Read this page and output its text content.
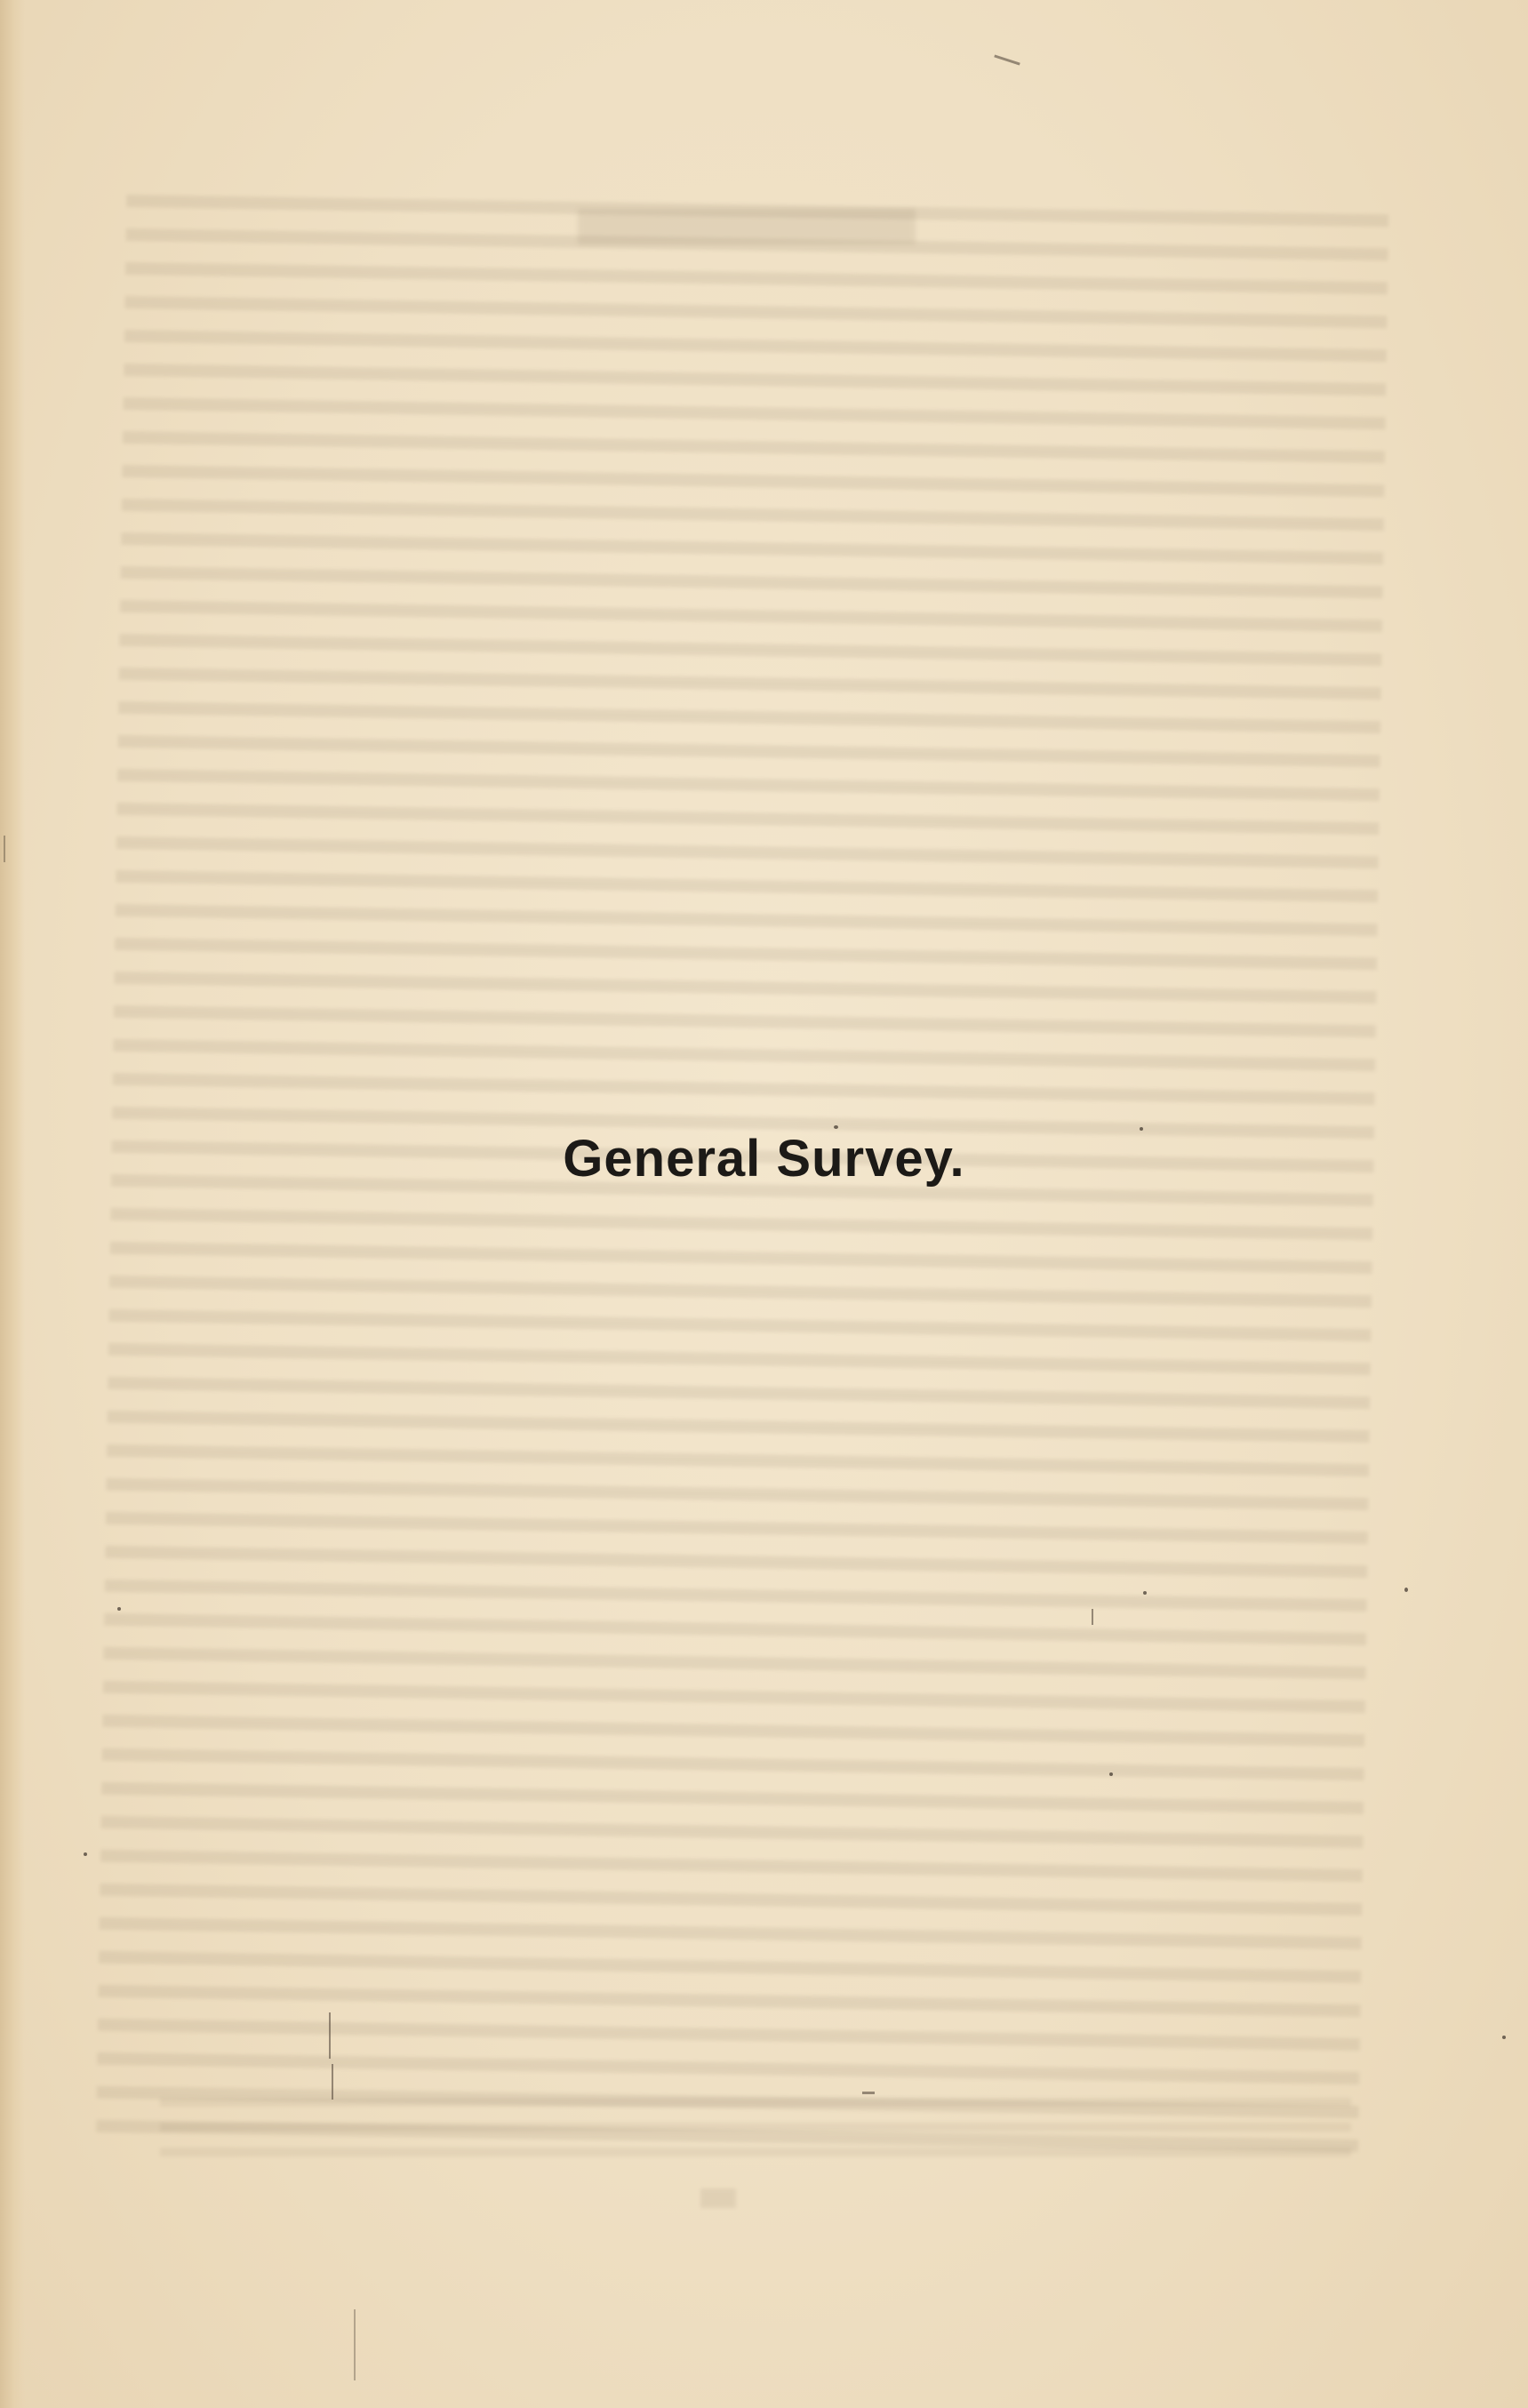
General Survey.
